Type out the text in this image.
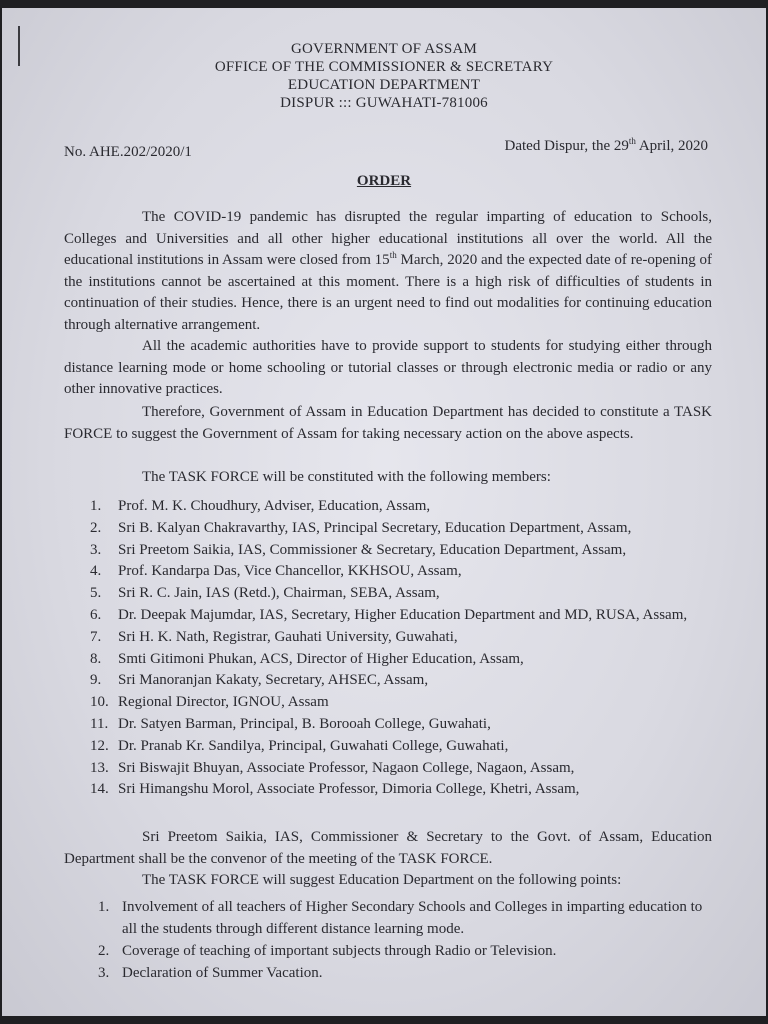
GOVERNMENT OF ASSAM
OFFICE OF THE COMMISSIONER & SECRETARY
EDUCATION DEPARTMENT
DISPUR ::: GUWAHATI-781006
No. AHE.202/2020/1	Dated Dispur, the 29th April, 2020
ORDER
The COVID-19 pandemic has disrupted the regular imparting of education to Schools, Colleges and Universities and all other higher educational institutions all over the world. All the educational institutions in Assam were closed from 15th March, 2020 and the expected date of re-opening of the institutions cannot be ascertained at this moment. There is a high risk of difficulties of students in continuation of their studies. Hence, there is an urgent need to find out modalities for continuing education through alternative arrangement.
All the academic authorities have to provide support to students for studying either through distance learning mode or home schooling or tutorial classes or through electronic media or radio or any other innovative practices.
Therefore, Government of Assam in Education Department has decided to constitute a TASK FORCE to suggest the Government of Assam for taking necessary action on the above aspects.
The TASK FORCE will be constituted with the following members:
1. Prof. M. K. Choudhury, Adviser, Education, Assam,
2. Sri B. Kalyan Chakravarthy, IAS, Principal Secretary, Education Department, Assam,
3. Sri Preetom Saikia, IAS, Commissioner & Secretary, Education Department, Assam,
4. Prof. Kandarpa Das, Vice Chancellor, KKHSOU, Assam,
5. Sri R. C. Jain, IAS (Retd.), Chairman, SEBA, Assam,
6. Dr. Deepak Majumdar, IAS, Secretary, Higher Education Department and MD, RUSA, Assam,
7. Sri H. K. Nath, Registrar, Gauhati University, Guwahati,
8. Smti Gitimoni Phukan, ACS, Director of Higher Education, Assam,
9. Sri Manoranjan Kakaty, Secretary, AHSEC, Assam,
10. Regional Director, IGNOU, Assam
11. Dr. Satyen Barman, Principal, B. Borooah College, Guwahati,
12. Dr. Pranab Kr. Sandilya, Principal, Guwahati College, Guwahati,
13. Sri Biswajit Bhuyan, Associate Professor, Nagaon College, Nagaon, Assam,
14. Sri Himangshu Morol, Associate Professor, Dimoria College, Khetri, Assam,
Sri Preetom Saikia, IAS, Commissioner & Secretary to the Govt. of Assam, Education Department shall be the convenor of the meeting of the TASK FORCE.
The TASK FORCE will suggest Education Department on the following points:
1. Involvement of all teachers of Higher Secondary Schools and Colleges in imparting education to all the students through different distance learning mode.
2. Coverage of teaching of important subjects through Radio or Television.
3. Declaration of Summer Vacation.
